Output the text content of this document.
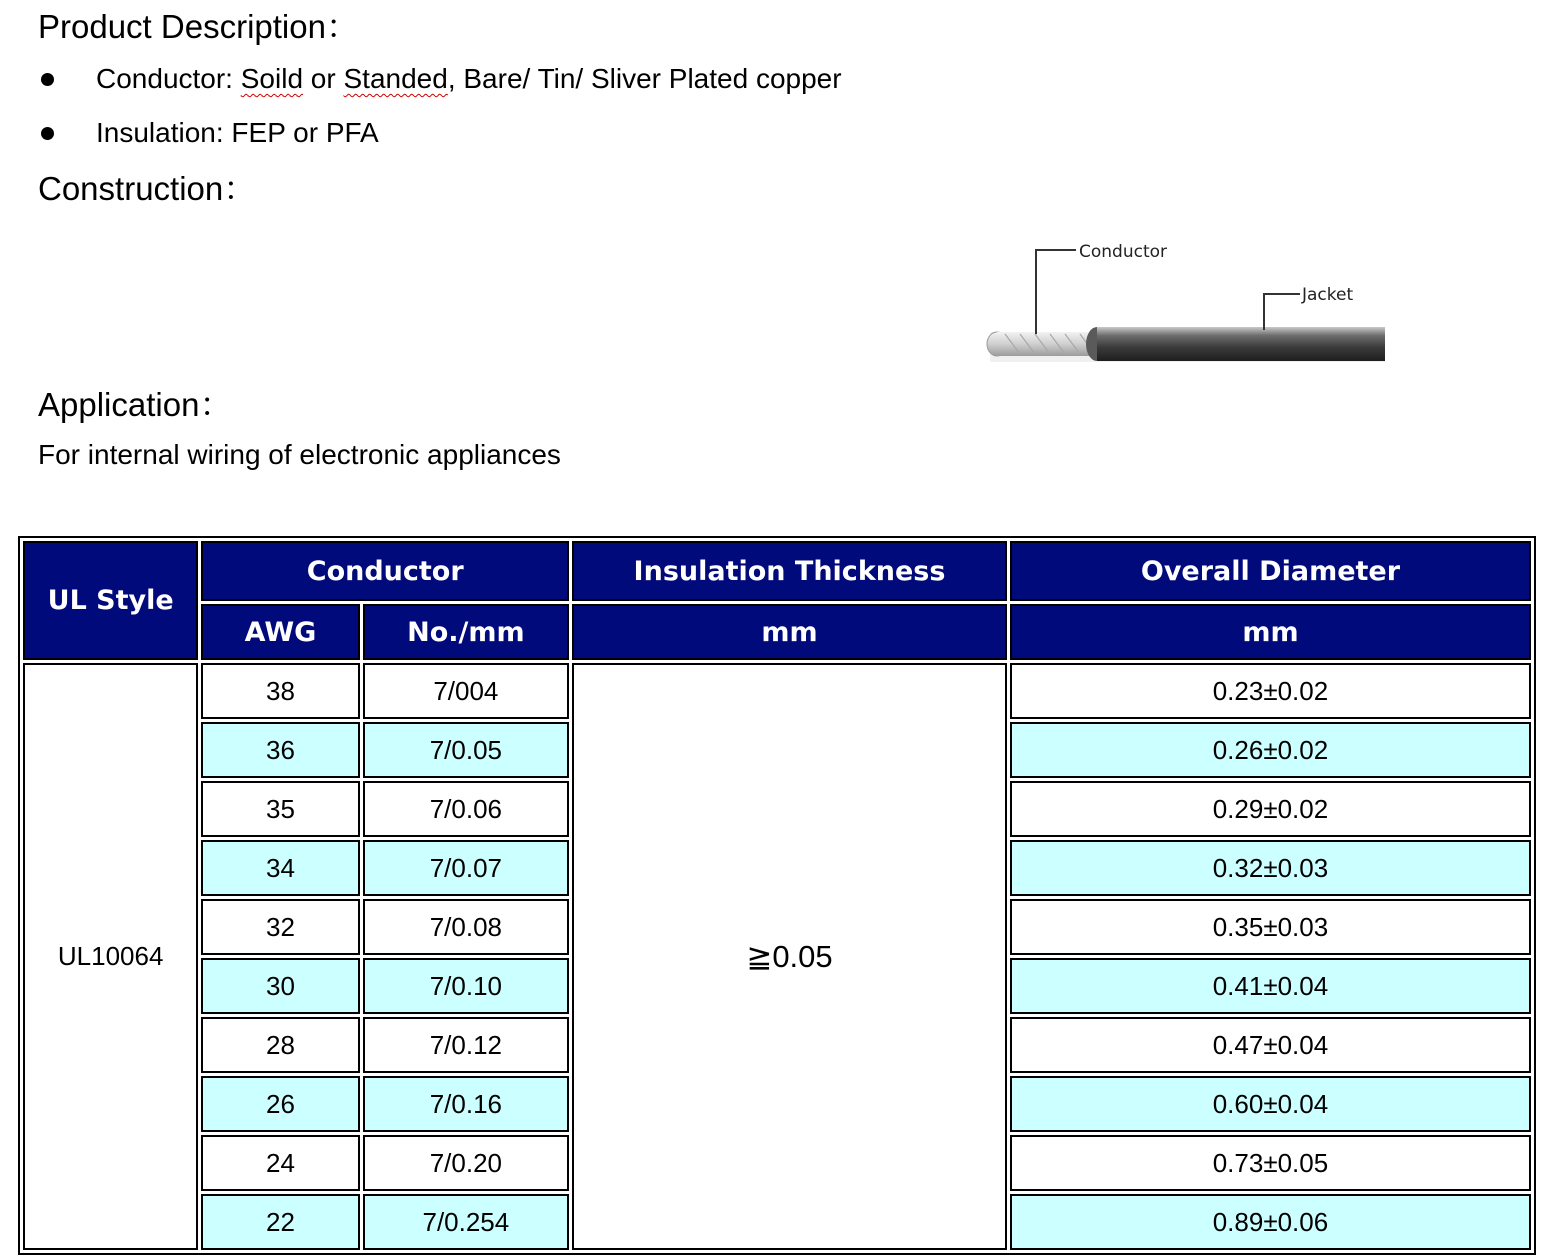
Product Description：
Conductor: Soild or Standed, Bare/ Tin/ Sliver Plated copper
Insulation: FEP or PFA
Construction：
Conductor
Jacket
Application：
For internal wiring of electronic appliances
UL Style	Conductor		Insulation Thickness	Overall Diameter
	AWG	No./mm	mm	mm
UL10064	38	7/004	≧0.05	0.23±0.02
	36	7/0.05		0.26±0.02
	35	7/0.06		0.29±0.02
	34	7/0.07		0.32±0.03
	32	7/0.08		0.35±0.03
	30	7/0.10		0.41±0.04
	28	7/0.12		0.47±0.04
	26	7/0.16		0.60±0.04
	24	7/0.20		0.73±0.05
	22	7/0.254		0.89±0.06
